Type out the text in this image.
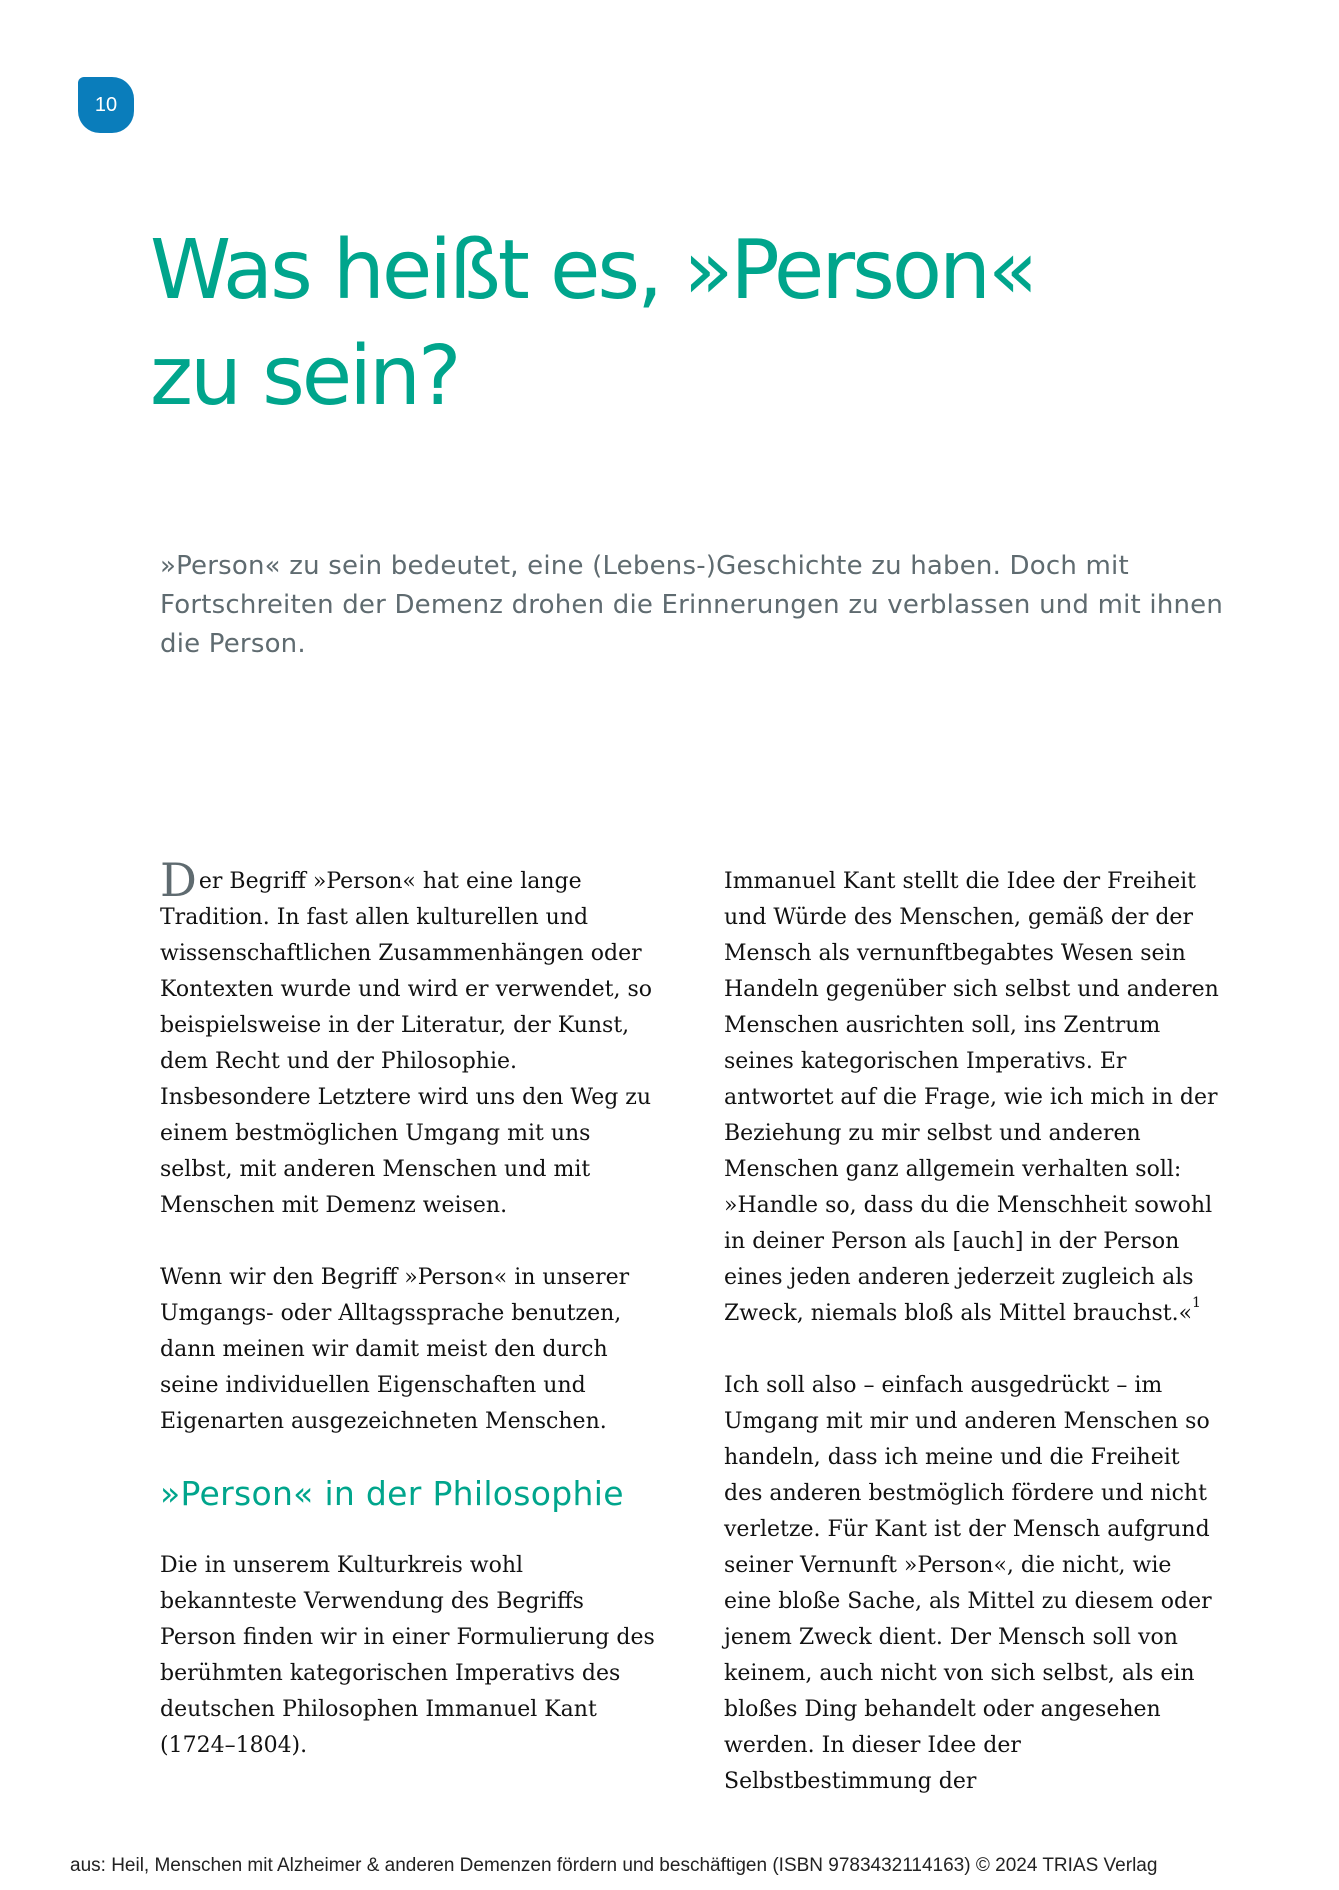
10
Was heißt es, »Person«
zu sein?

»Person« zu sein bedeutet, eine (Lebens-)Geschichte zu haben. Doch mit Fortschreiten der Demenz drohen die Erinnerungen zu verblassen und mit ihnen die Person.

Der Begriff »Person« hat eine lange Tradition. In fast allen kulturellen und wissenschaftlichen Zusammenhängen oder Kontexten wurde und wird er verwendet, so beispielsweise in der Literatur, der Kunst, dem Recht und der Philosophie. Insbesondere Letztere wird uns den Weg zu einem bestmöglichen Umgang mit uns selbst, mit anderen Menschen und mit Menschen mit Demenz weisen.

Wenn wir den Begriff »Person« in unserer Umgangs- oder Alltagssprache benutzen, dann meinen wir damit meist den durch seine individuellen Eigenschaften und Eigenarten ausgezeichneten Menschen.

»Person« in der Philosophie

Die in unserem Kulturkreis wohl bekannteste Verwendung des Begriffs Person finden wir in einer Formulierung des berühmten kategorischen Imperativs des deutschen Philosophen Immanuel Kant (1724–1804).

Immanuel Kant stellt die Idee der Freiheit und Würde des Menschen, gemäß der der Mensch als vernunftbegabtes Wesen sein Handeln gegenüber sich selbst und anderen Menschen ausrichten soll, ins Zentrum seines kategorischen Imperativs. Er antwortet auf die Frage, wie ich mich in der Beziehung zu mir selbst und anderen Menschen ganz allgemein verhalten soll: »Handle so, dass du die Menschheit sowohl in deiner Person als [auch] in der Person eines jeden anderen jederzeit zugleich als Zweck, niemals bloß als Mittel brauchst.«$^1$

Ich soll also – einfach ausgedrückt – im Umgang mit mir und anderen Menschen so handeln, dass ich meine und die Freiheit des anderen bestmöglich fördere und nicht verletze. Für Kant ist der Mensch aufgrund seiner Vernunft »Person«, die nicht, wie eine bloße Sache, als Mittel zu diesem oder jenem Zweck dient. Der Mensch soll von keinem, auch nicht von sich selbst, als ein bloßes Ding behandelt oder angesehen werden. In dieser Idee der Selbstbestimmung der

aus: Heil, Menschen mit Alzheimer & anderen Demenzen fördern und beschäftigen (ISBN 9783432114163) © 2024 TRIAS Verlag
